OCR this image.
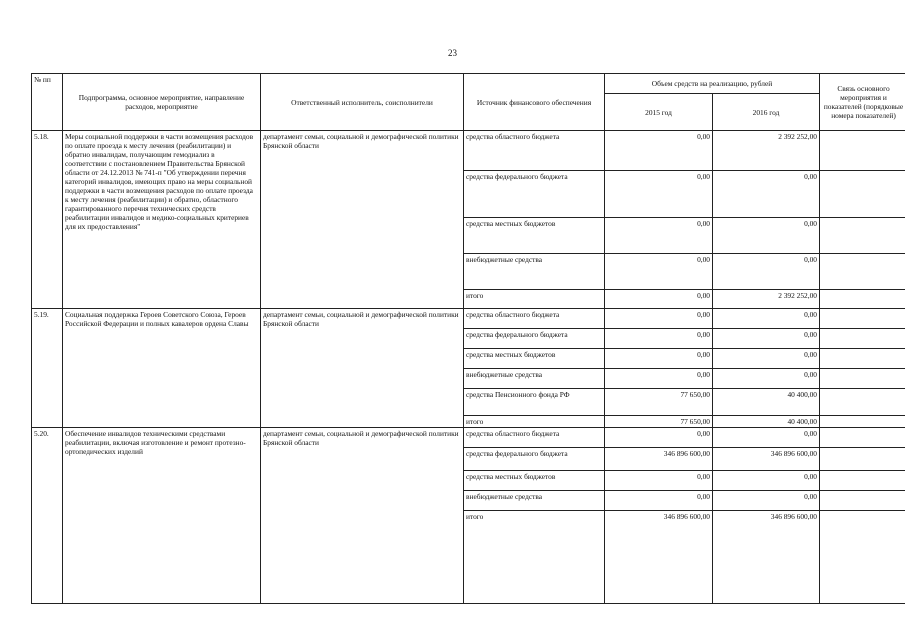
23
№ пп	Подпрограмма, основное мероприятие, направление расходов, мероприятие	Ответственный исполнитель, соисполнители	Источник финансового обеспечения	Объем средств на реализацию, рублей		Связь основного мероприятия и показателей (порядковые номера показателей)
				2015 год	2016 год	
5.18.	Меры социальной поддержки в части возмещения расходов по оплате проезда к месту лечения (реабилитации) и обратно инвалидам, получающим гемодиализ в соответствии с постановлением Правительства Брянской области от 24.12.2013 № 741-п "Об утверждении перечня категорий инвалидов, имеющих право на меры социальной поддержки в части возмещения расходов по оплате проезда к месту лечения (реабилитации) и обратно, областного гарантированного перечня технических средств реабилитации инвалидов и медико-социальных критериев для их предоставления"	департамент семьи, социальной и демографической политики Брянской области	средства областного бюджета	0,00	2 392 252,00	
			средства федерального бюджета	0,00	0,00	
			средства местных бюджетов	0,00	0,00	
			внебюджетные средства	0,00	0,00	
			итого	0,00	2 392 252,00	
5.19.	Социальная поддержка Героев Советского Союза, Героев Российской Федерации и полных кавалеров ордена Славы	департамент семьи, социальной и демографической политики Брянской области	средства областного бюджета	0,00	0,00	
			средства федерального бюджета	0,00	0,00	
			средства местных бюджетов	0,00	0,00	
			внебюджетные средства	0,00	0,00	
			средства Пенсионного фонда РФ	77 650,00	40 400,00	
			итого	77 650,00	40 400,00	
5.20.	Обеспечение инвалидов техническими средствами реабилитации, включая изготовление и ремонт протезно-ортопедических изделий	департамент семьи, социальной и демографической политики Брянской области	средства областного бюджета	0,00	0,00	
			средства федерального бюджета	346 896 600,00	346 896 600,00	
			средства местных бюджетов	0,00	0,00	
			внебюджетные средства	0,00	0,00	
			итого	346 896 600,00	346 896 600,00	
